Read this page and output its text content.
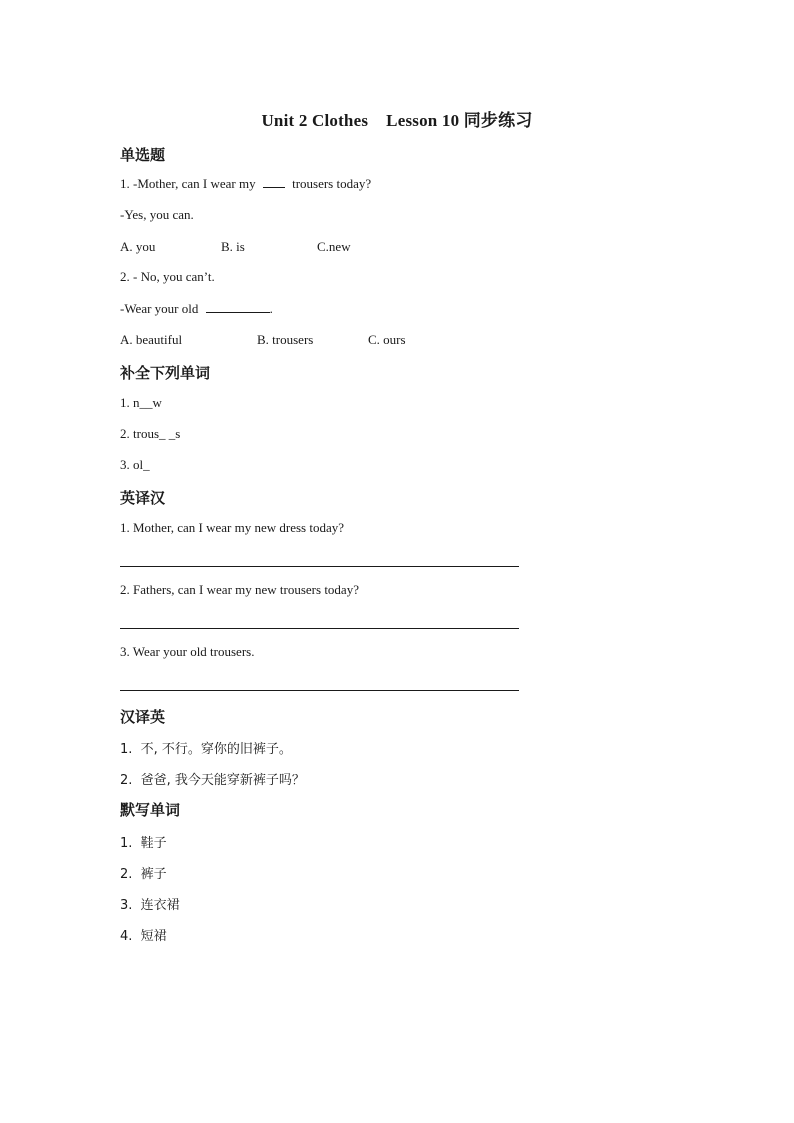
Unit 2 Clothes Lesson 10 同步练习
单选题
1. -Mother, can I wear my  trousers today?
-Yes, you can.
A. you	B. is	C.new
2. - No, you can’t.
-Wear your old	.
A. beautiful	B. trousers	C. ours
补全下列单词
1. n__w
2. trous_ _s
3. ol_
英译汉
1. Mother, can I wear my new dress today?
2. Fathers, can I wear my new trousers today?
3. Wear your old trousers.
汉译英
1.  不, 不行。穿你的旧裤子。
2.  爸爸, 我今天能穿新裤子吗？
默写单词
1.  鞋子
2.  裤子
3.  连衣裙
4.  短裙
